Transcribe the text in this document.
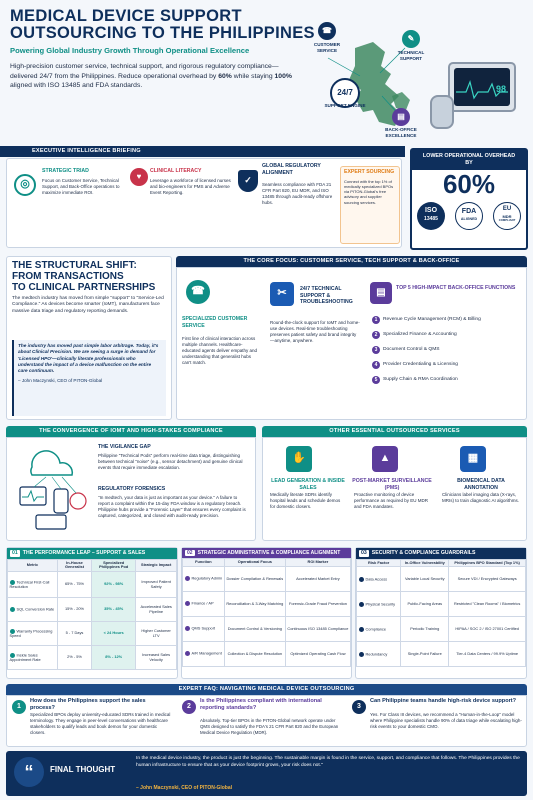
MEDICAL DEVICE SUPPORT
OUTSOURCING TO THE PHILIPPINES
Powering Global Industry Growth Through Operational Excellence
High-precision customer service, technical support, and rigorous regulatory compliance—delivered 24/7 from the Philippines. Reduce operational overhead by 60% while staying 100% aligned with ISO 13485 and FDA standards.
☎
CUSTOMER SERVICE
✎
TECHNICAL SUPPORT
24/7
SUPPORT ENGINE
▤
BACK-OFFICE EXCELLENCE
98
EXECUTIVE INTELLIGENCE BRIEFING
◎
STRATEGIC TRIAD
Focus on Customer Service, Technical Support, and Back-Office operations to maximize immediate ROI.
♥
CLINICAL LITERACY
Leverage a workforce of licensed nurses and bio-engineers for PMS and Adverse Event Reporting.
✓
GLOBAL REGULATORY ALIGNMENT
Seamless compliance with FDA 21 CFR Part 820, EU MDR, and ISO 13485 through audit-ready offshore hubs.
EXPERT SOURCING
Connect with the top 1% of medically specialized BPOs via PITON-Global's free advisory and supplier sourcing services.
LOWER OPERATIONAL OVERHEAD BY
60%
ISO
13485
FDA
ALIGNED
EU
MDR
COMPLIANT
THE STRUCTURAL SHIFT:
FROM TRANSACTIONS
TO CLINICAL PARTNERSHIPS
The medtech industry has moved from simple "support" to "Service-Led Compliance." As devices become smarter (IoMT), manufacturers face massive data triage and regulatory reporting demands.
The industry has moved past simple labor arbitrage. Today, it's about Clinical Precision. We are seeing a surge in demand for 'Licensed HPO'—clinically literate professionals who understand the impact of a device malfunction on the entire care continuum.
– John Maczynski, CEO of PITON-Global
THE CORE FOCUS: CUSTOMER SERVICE, TECH SUPPORT & BACK-OFFICE
☎
SPECIALIZED CUSTOMER SERVICE
First line of clinical interaction across multiple channels. Healthcare-educated agents deliver empathy and understanding that generalist hubs can't match.
✂	24/7 TECHNICAL SUPPORT & TROUBLESHOOTING
Round-the-clock support for IoMT and home-use devices. Real-time troubleshooting preserves patient safety and brand integrity—anytime, anywhere.
▤	TOP 5 HIGH-IMPACT BACK-OFFICE FUNCTIONS
1	Revenue Cycle Management (RCM) & Billing
2	Specialized Finance & Accounting
3	Document Control & QMS
4	Provider Credentialing & Licensing
5	Supply Chain & RMA Coordination
THE CONVERGENCE OF IOMT AND HIGH-STAKES COMPLIANCE
THE VIGILANCE GAP
Philippine "Technical Pods" perform real-time data triage, distinguishing between technical "noise" (e.g., sensor detachment) and genuine clinical events that require immediate escalation.
REGULATORY FORENSICS
"In medtech, your data is just as important as your device." A failure to report a complaint within the 15-day FDA window is a regulatory breach. Philippine hubs provide a "Forensic Layer" that ensures every complaint is captured, categorized, and closed with audit-ready precision.
OTHER ESSENTIAL OUTSOURCED SERVICES
✋
LEAD GENERATION & INSIDE SALES
Medically literate SDRs identify hospital leads and schedule demos for domestic closers.
▲
POST-MARKET SURVEILLANCE (PMS)
Proactive monitoring of device performance as required by EU MDR and FDA mandates.
▦
BIOMEDICAL DATA ANNOTATION
Clinicians label imaging data (X-rays, MRIs) to train diagnostic AI algorithms.
01 THE PERFORMANCE LEAP – SUPPORT & SALES
Metric	In-House Generalist	Specialized Philippines Pod	Strategic Impact
Technical First-Call Resolution	65% - 75%	92% - 98%	Improved Patient Safety
SQL Conversion Rate	15% - 20%	35% - 45%	Accelerated Sales Pipeline
Warranty Processing Speed	5 - 7 Days	< 24 Hours	Higher Customer LTV
Inside Sales Appointment Rate	2% - 5%	8% - 12%	Increased Sales Velocity
02	STRATEGIC ADMINISTRATIVE & COMPLIANCE ALIGNMENT
Function	Operational Focus	ROI Marker
Regulatory Admin	Dossier Compilation & Renewals	Accelerated Market Entry
Finance / AP	Reconciliation & 3-Way Matching	Forensic-Grade Fraud Prevention
QMS Support	Document Control & Versioning	Continuous ISO 13485 Compliance
A/R Management	Collection & Dispute Resolution	Optimized Operating Cash Flow
03 SECURITY & COMPLIANCE GUARDRAILS
Risk Factor	In-Office Vulnerability	Philippines BPO Standard (Top 1%)
Data Access	Variable Local Security	Secure VDI / Encrypted Gateways
Physical Security	Public-Facing Areas	Restricted "Clean Rooms" / Biometrics
Compliance	Periodic Training	HIPAA / SOC 2 / ISO 27001 Certified
Redundancy	Single-Point Failure	Tier-4 Data Centers / 99.9% Uptime
EXPERT FAQ: NAVIGATING MEDICAL DEVICE OUTSOURCING
1
How does the Philippines support the sales process?
Specialized BPOs deploy university-educated SDRs trained in medical terminology. They engage in peer-level conversations with healthcare stakeholders to qualify leads and book demos for your domestic closers.
2
Is the Philippines compliant with international reporting standards?
Absolutely. Top-tier BPOs in the PITON-Global network operate under QMS designed to satisfy the FDA's 21 CFR Part 820 and the European Medical Device Regulation (MDR).
3
Can Philippine teams handle high-risk device support?
Yes. For Class III devices, we recommend a "Human-in-the-Loop" model where Philippine specialists handle 90% of data triage while escalating high-risk events to your domestic CMO.
“	FINAL THOUGHT
In the medical device industry, the product is just the beginning. The sustainable margin is found in the service, support, and compliance that follows. The Philippines provides the human infrastructure to ensure that as your device footprint grows, your risk does not."
– John Maczynski, CEO of PITON-Global
